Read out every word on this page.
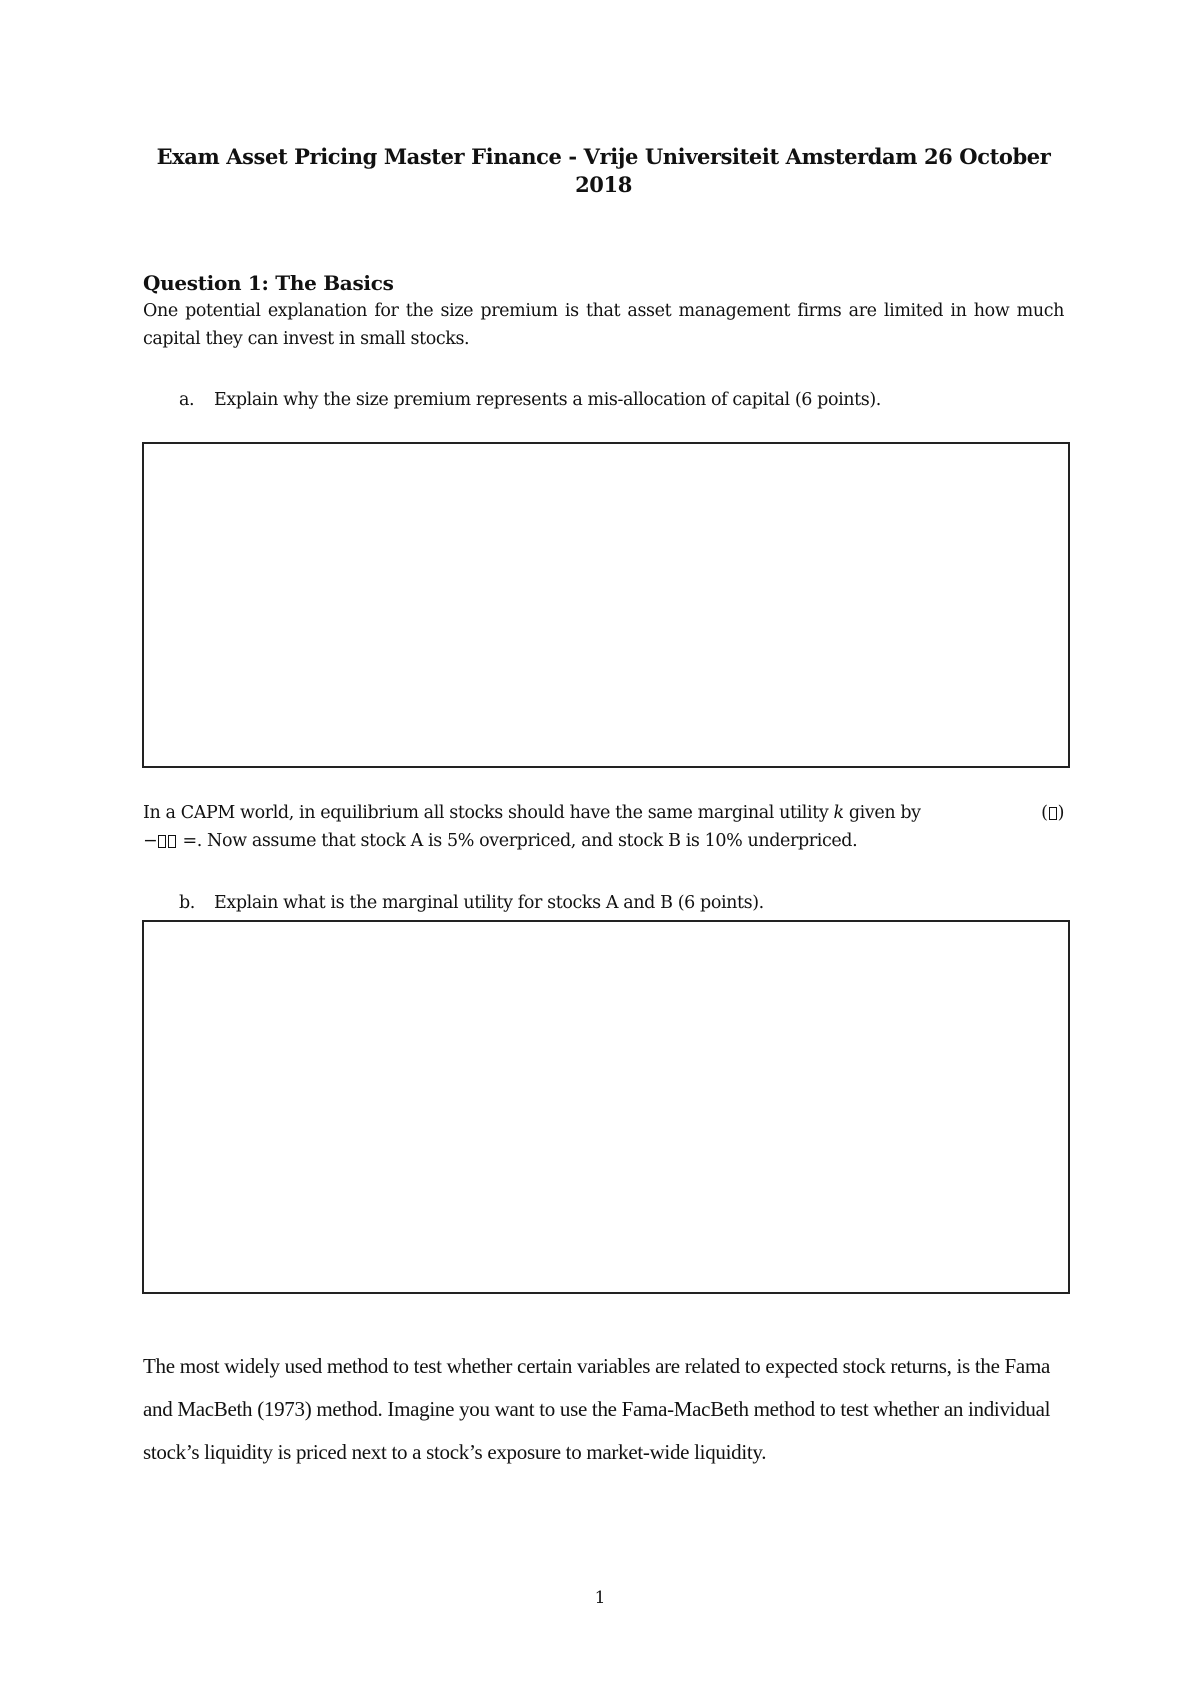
Exam Asset Pricing Master Finance - Vrije Universiteit Amsterdam 26 October 2018
Question 1: The Basics
One potential explanation for the size premium is that asset management firms are limited in how much capital they can invest in small stocks.
a. Explain why the size premium represents a mis-allocation of capital (6 points).
In a CAPM world, in equilibrium all stocks should have the same marginal utility k given by	( )
− =. Now assume that stock A is 5% overpriced, and stock B is 10% underpriced.
b. Explain what is the marginal utility for stocks A and B (6 points).
The most widely used method to test whether certain variables are related to expected stock returns, is the Fama and MacBeth (1973) method. Imagine you want to use the Fama-MacBeth method to test whether an individual stock’s liquidity is priced next to a stock’s exposure to market-wide liquidity.
1
